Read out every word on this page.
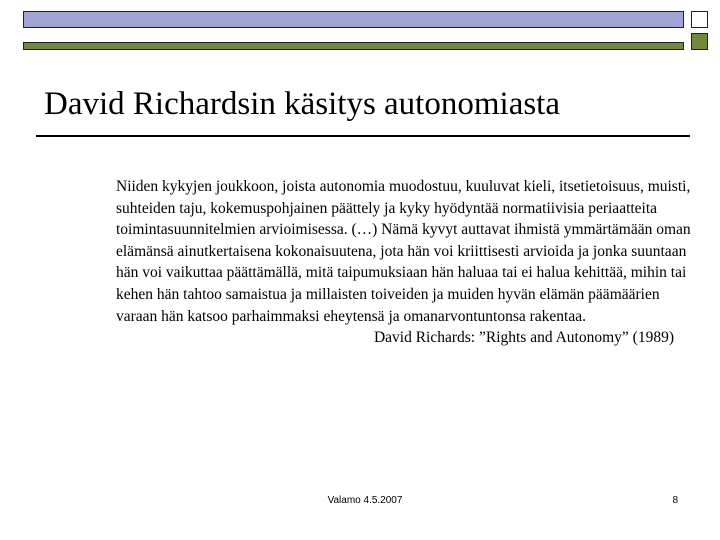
David Richardsin käsitys autonomiasta

Niiden kykyjen joukkoon, joista autonomia muodostuu, kuuluvat kieli, itsetietoisuus, muisti, suhteiden taju, kokemuspohjainen päättely ja kyky hyödyntää normatiivisia periaatteita toimintasuunnitelmien arvioimisessa. (…) Nämä kyvyt auttavat ihmistä ymmärtämään oman elämänsä ainutkertaisena kokonaisuutena, jota hän voi kriittisesti arvioida ja jonka suuntaan hän voi vaikuttaa päättämällä, mitä taipumuksiaan hän haluaa tai ei halua kehittää, mihin tai kehen hän tahtoo samaistua ja millaisten toiveiden ja muiden hyvän elämän päämäärien varaan hän katsoo parhaimmaksi eheytensä ja omanarvontuntonsa rakentaa.

David Richards: ”Rights and Autonomy” (1989)

Valamo 4.5.2007	8
